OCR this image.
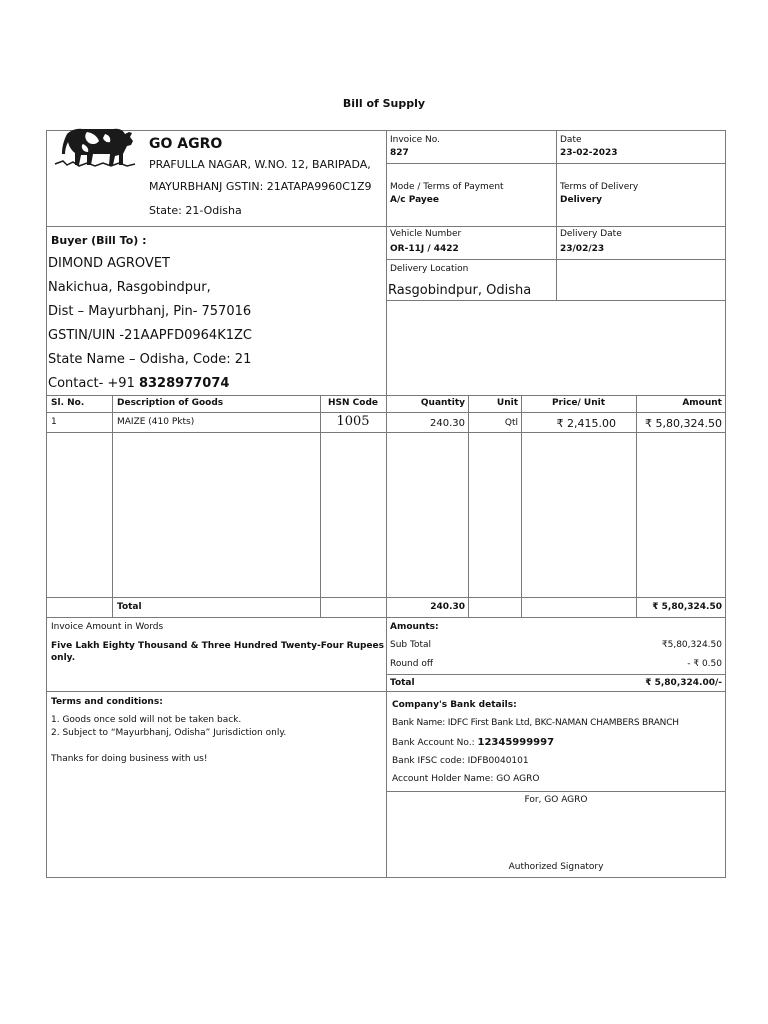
Bill of Supply
GO AGRO
PRAFULLA NAGAR, W.NO. 12, BARIPADA,
MAYURBHANJ GSTIN: 21ATAPA9960C1Z9
State: 21-Odisha
Invoice No.
827
Date
23-02-2023
Mode / Terms of Payment
A/c Payee
Terms of Delivery
Delivery
Vehicle Number
OR-11J / 4422
Delivery Date
23/02/23
Delivery Location
Rasgobindpur, Odisha
Buyer (Bill To) :
DIMOND AGROVET
Nakichua, Rasgobindpur,
Dist – Mayurbhanj, Pin- 757016
GSTIN/UIN -21AAPFD0964K1ZC
State Name – Odisha, Code: 21
Contact- +91 8328977074
Sl. No.	Description of Goods	HSN Code	Quantity	Unit	Price/ Unit	Amount
1	MAIZE (410 Pkts)	1005	240.30	Qtl	₹ 2,415.00	₹ 5,80,324.50
Total	240.30	₹ 5,80,324.50
Invoice Amount in Words
Five Lakh Eighty Thousand & Three Hundred Twenty-Four Rupees
only.
Amounts:
Sub Total	₹5,80,324.50
Round off	- ₹ 0.50
Total	₹ 5,80,324.00/-
Terms and conditions:
1. Goods once sold will not be taken back.
2. Subject to “Mayurbhanj, Odisha” Jurisdiction only.
Thanks for doing business with us!
Company's Bank details:
Bank Name: IDFC First Bank Ltd, BKC-NAMAN CHAMBERS BRANCH
Bank Account No.: 12345999997
Bank IFSC code: IDFB0040101
Account Holder Name: GO AGRO
For, GO AGRO
Authorized Signatory
